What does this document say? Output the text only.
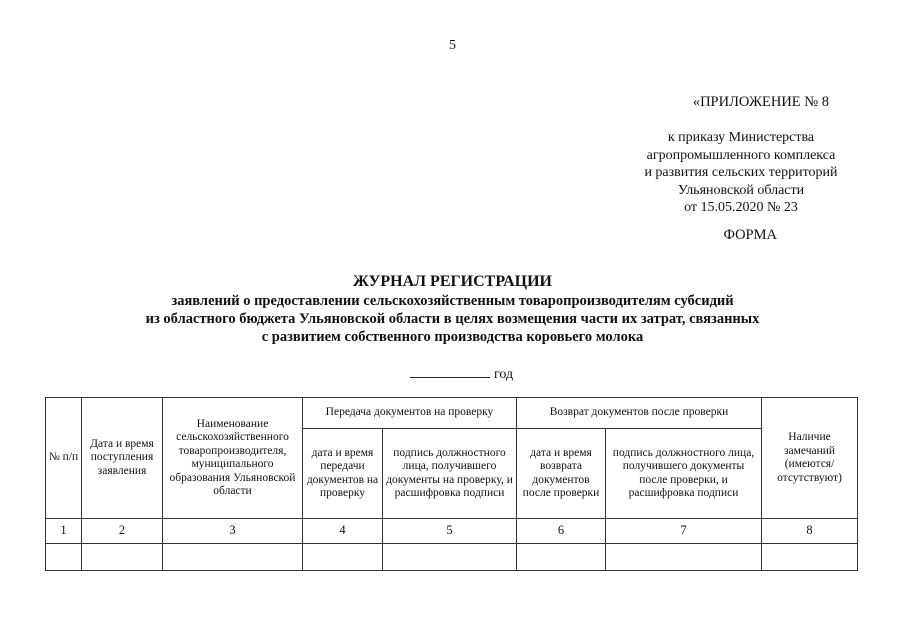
5
«ПРИЛОЖЕНИЕ № 8
к приказу Министерства
агропромышленного комплекса
и развития сельских территорий
Ульяновской области
от 15.05.2020 № 23
ФОРМА
ЖУРНАЛ РЕГИСТРАЦИИ
заявлений о предоставлении сельскохозяйственным товаропроизводителям субсидий
из областного бюджета Ульяновской области в целях возмещения части их затрат, связанных
с развитием собственного производства коровьего молока
год
№ п/п	Дата и время поступления заявления	Наименование сельскохозяйственного товаропроизводителя, муниципального образования Ульяновской области	Передача документов на проверку		Возврат документов после проверки		Наличие замечаний (имеются/ отсутствуют)
			дата и время передачи документов на проверку	подпись должностного лица, получившего документы на проверку, и расшифровка подписи	дата и время возврата документов после проверки	подпись должностного лица, получившего документы после проверки, и расшифровка подписи	
1	2	3	4	5	6	7	8
